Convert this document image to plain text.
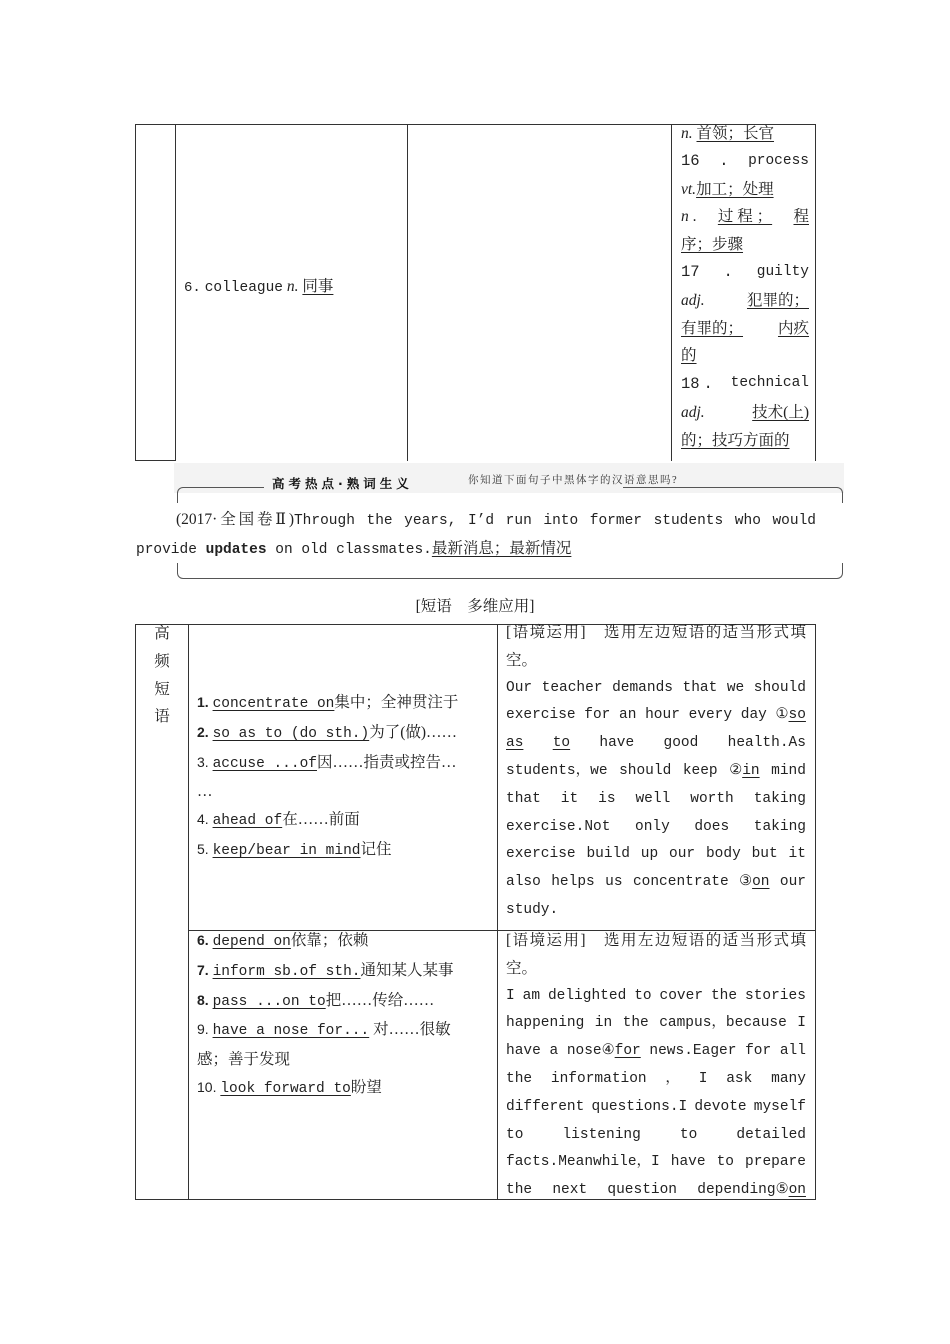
6. colleague n. 同事
n.
首领；长官
16 . process
vt. 加工；处理
n . 过 程 ； 程
序；步骤
17 . guilty
adj.	犯罪的；
有罪的； 内疚
的
18 . technical
adj.	技术(上)
的；技巧方面的
高考热点·熟词生义	你知道下面句子中黑体字的汉语意思吗?
(2017·全国卷Ⅱ)Through the years, I’d run into former students who would provide updates on old classmates.最新消息；最新情况
[短语　多维应用]
高
频
短
语
1. concentrate on集中；全神贯注于
2. so as to (do sth.)为了(做)……
3. accuse ...of因……指责或控告…
…
4. ahead of在……前面
5. keep/bear in mind记住
[语境运用]　选用左边短语的适当形式填空。
Our teacher demands that we should
exercise for an hour every day ①so
as to have good health.As
students，we should keep ②in mind
that it is well worth taking
exercise.Not only does taking
exercise build up our body but it
also helps us concentrate ③on our
study.
6. depend on依靠；依赖
7. inform sb.of sth.通知某人某事
8. pass ...on to把……传给……
9. have a nose for... 对……很敏
感；善于发现
10. look forward to盼望
[语境运用]　选用左边短语的适当形式填空。
I am delighted to cover the stories
happening in the campus，because I
have a nose④for news.Eager for all
the information ， I ask many
different questions.I devote myself
to	listening	to	detailed
facts.Meanwhile，I have to prepare
the next question depending⑤on
